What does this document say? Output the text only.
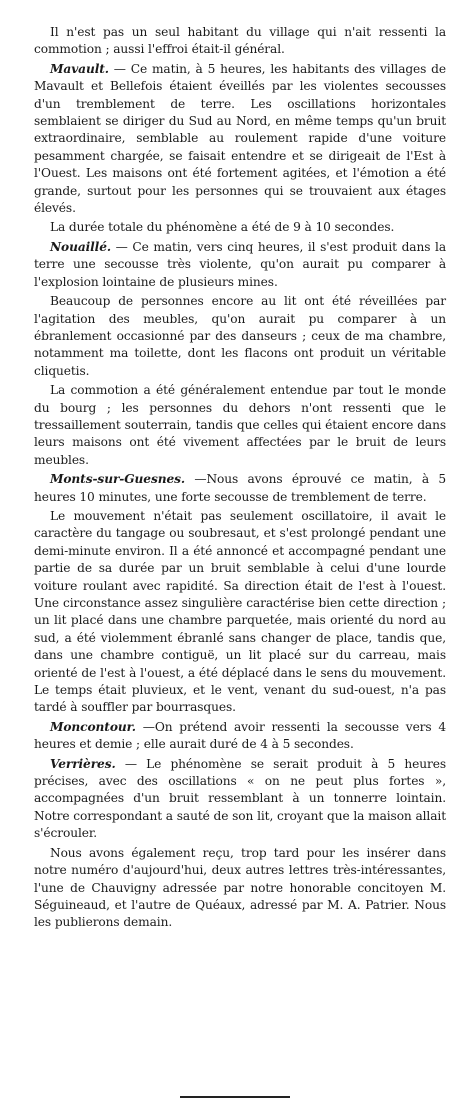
Il n'est pas un seul habitant du village qui n'ait ressenti la commotion ; aussi l'effroi était-il général.

Mavault. — Ce matin, à 5 heures, les habitants des villages de Mavault et Bellefois étaient éveillés par les violentes secousses d'un tremblement de terre. Les oscillations horizontales semblaient se diriger du Sud au Nord, en même temps qu'un bruit extraordinaire, semblable au roulement rapide d'une voiture pesamment chargée, se faisait entendre et se dirigeait de l'Est à l'Ouest. Les maisons ont été fortement agitées, et l'émotion a été grande, surtout pour les personnes qui se trouvaient aux étages élevés.

La durée totale du phénomène a été de 9 à 10 secondes.

Nouaillé. — Ce matin, vers cinq heures, il s'est produit dans la terre une secousse très violente, qu'on aurait pu comparer à l'explosion lointaine de plusieurs mines.

Beaucoup de personnes encore au lit ont été réveillées par l'agitation des meubles, qu'on aurait pu comparer à un ébranlement occasionné par des danseurs ; ceux de ma chambre, notamment ma toilette, dont les flacons ont produit un véritable cliquetis.

La commotion a été généralement entendue par tout le monde du bourg ; les personnes du dehors n'ont ressenti que le tressaillement souterrain, tandis que celles qui étaient encore dans leurs maisons ont été vivement affectées par le bruit de leurs meubles.

Monts-sur-Guesnes. —Nous avons éprouvé ce matin, à 5 heures 10 minutes, une forte secousse de tremblement de terre.

Le mouvement n'était pas seulement oscillatoire, il avait le caractère du tangage ou soubresaut, et s'est prolongé pendant une demi-minute environ. Il a été annoncé et accompagné pendant une partie de sa durée par un bruit semblable à celui d'une lourde voiture roulant avec rapidité. Sa direction était de l'est à l'ouest. Une circonstance assez singulière caractérise bien cette direction ; un lit placé dans une chambre parquetée, mais orienté du nord au sud, a été violemment ébranlé sans changer de place, tandis que, dans une chambre contiguë, un lit placé sur du carreau, mais orienté de l'est à l'ouest, a été déplacé dans le sens du mouvement. Le temps était pluvieux, et le vent, venant du sud-ouest, n'a pas tardé à souffler par bourrasques.

Moncontour. —On prétend avoir ressenti la secousse vers 4 heures et demie ; elle aurait duré de 4 à 5 secondes.

Verrières. — Le phénomène se serait produit à 5 heures précises, avec des oscillations « on ne peut plus fortes », accompagnées d'un bruit ressemblant à un tonnerre lointain. Notre correspondant a sauté de son lit, croyant que la maison allait s'écrouler.

Nous avons également reçu, trop tard pour les insérer dans notre numéro d'aujourd'hui, deux autres lettres très-intéressantes, l'une de Chauvigny adressée par notre honorable concitoyen M. Séguineaud, et l'autre de Quéaux, adressé par M. A. Patrier. Nous les publierons demain.
